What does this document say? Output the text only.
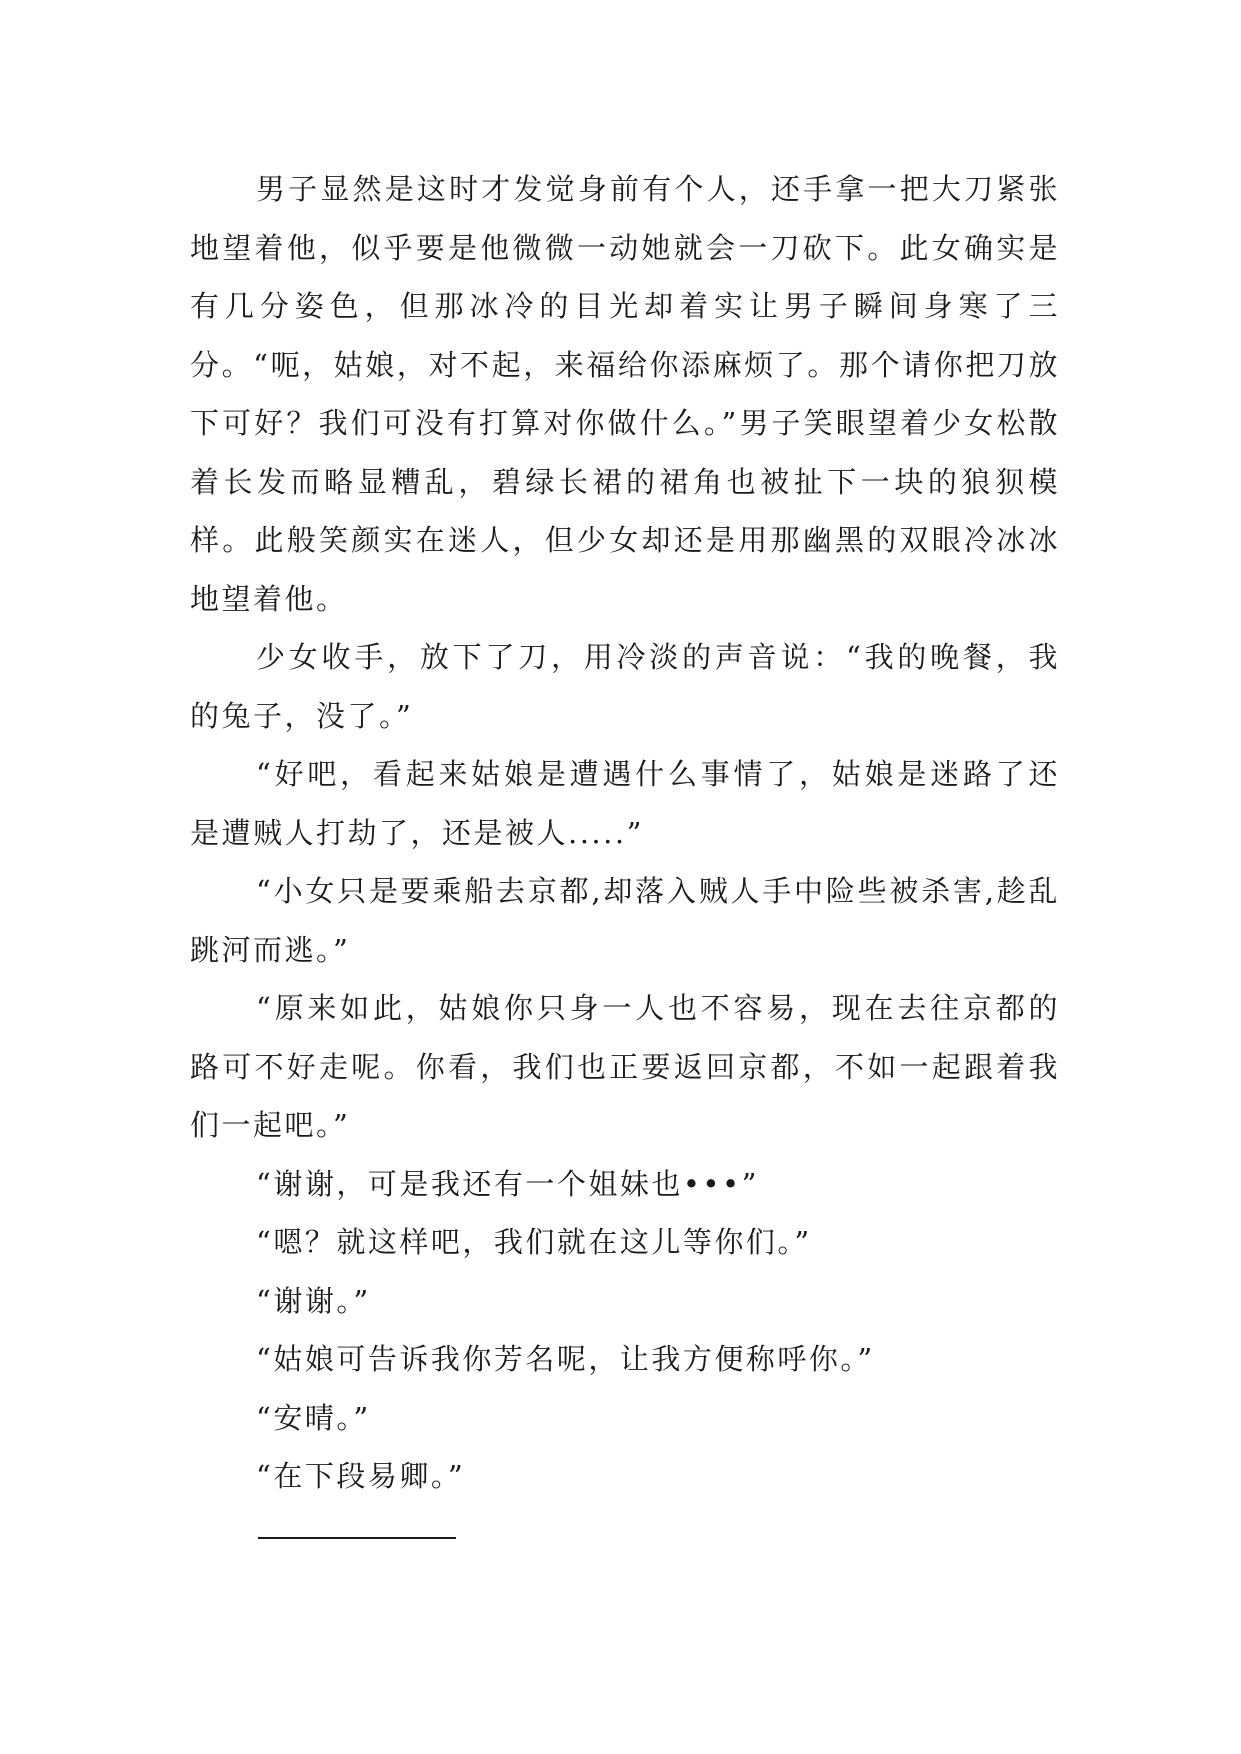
男子显然是这时才发觉身前有个人，还手拿一把大刀紧张地望着他，似乎要是他微微一动她就会一刀砍下。此女确实是有几分姿色，但那冰冷的目光却着实让男子瞬间身寒了三分。“呃，姑娘，对不起，来福给你添麻烦了。那个请你把刀放下可好？我们可没有打算对你做什么。”男子笑眼望着少女松散着长发而略显糟乱，碧绿长裙的裙角也被扯下一块的狼狈模样。此般笑颜实在迷人，但少女却还是用那幽黑的双眼冷冰冰地望着他。

少女收手，放下了刀，用冷淡的声音说：“我的晚餐，我的兔子，没了。”

“好吧，看起来姑娘是遭遇什么事情了，姑娘是迷路了还是遭贼人打劫了，还是被人.....”

“小女只是要乘船去京都,却落入贼人手中险些被杀害,趁乱跳河而逃。”

“原来如此，姑娘你只身一人也不容易，现在去往京都的路可不好走呢。你看，我们也正要返回京都，不如一起跟着我们一起吧。”

“谢谢，可是我还有一个姐妹也•••”

“嗯？就这样吧，我们就在这儿等你们。”

“谢谢。”

“姑娘可告诉我你芳名呢，让我方便称呼你。”

“安晴。”

“在下段易卿。”
